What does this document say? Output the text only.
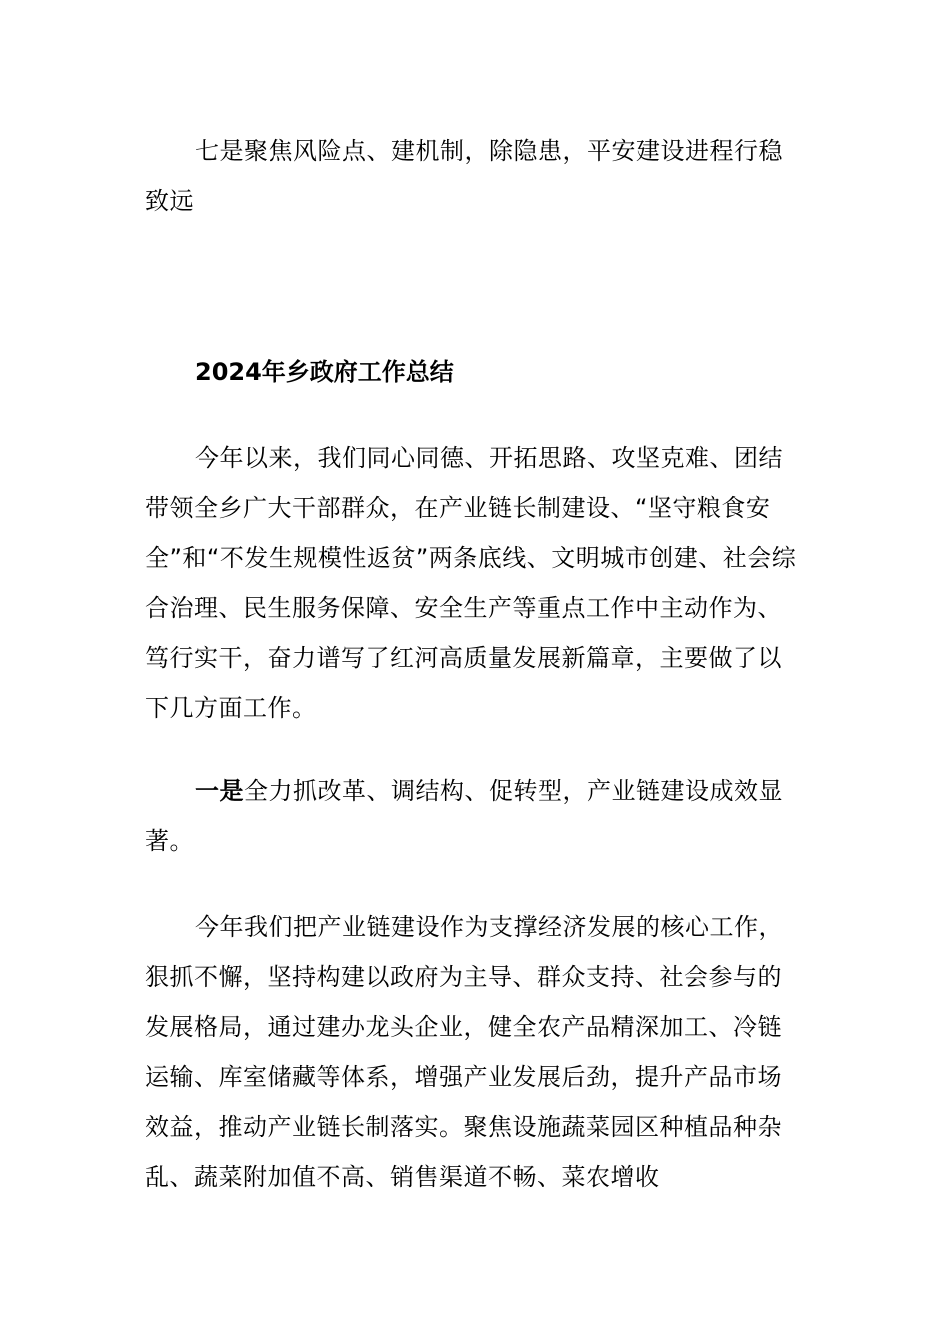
七是聚焦风险点、建机制，除隐患，平安建设进程行稳致远

2024年乡政府工作总结

今年以来，我们同心同德、开拓思路、攻坚克难、团结带领全乡广大干部群众，在产业链长制建设、“坚守粮食安全”和“不发生规模性返贫”两条底线、文明城市创建、社会综合治理、民生服务保障、安全生产等重点工作中主动作为、笃行实干，奋力谱写了红河高质量发展新篇章，主要做了以下几方面工作。

一是全力抓改革、调结构、促转型，产业链建设成效显著。

今年我们把产业链建设作为支撑经济发展的核心工作，狠抓不懈，坚持构建以政府为主导、群众支持、社会参与的发展格局，通过建办龙头企业，健全农产品精深加工、冷链运输、库室储藏等体系，增强产业发展后劲，提升产品市场效益，推动产业链长制落实。聚焦设施蔬菜园区种植品种杂乱、蔬菜附加值不高、销售渠道不畅、菜农增收
